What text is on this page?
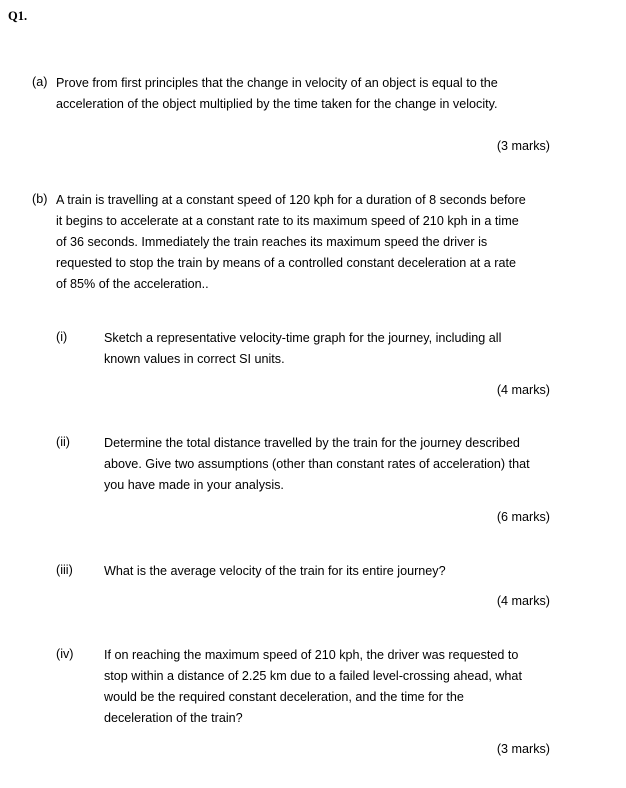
Q1.
(a) Prove from first principles that the change in velocity of an object is equal to the
acceleration of the object multiplied by the time taken for the change in velocity.
(3 marks)
(b) A train is travelling at a constant speed of 120 kph for a duration of 8 seconds before
it begins to accelerate at a constant rate to its maximum speed of 210 kph in a time
of 36 seconds. Immediately the train reaches its maximum speed the driver is
requested to stop the train by means of a controlled constant deceleration at a rate
of 85% of the acceleration..
(i)	Sketch a representative velocity-time graph for the journey, including all
known values in correct SI units.
(4 marks)
(ii)	Determine the total distance travelled by the train for the journey described
above. Give two assumptions (other than constant rates of acceleration) that
you have made in your analysis.
(6 marks)
(iii) What is the average velocity of the train for its entire journey?
(4 marks)
(iv) If on reaching the maximum speed of 210 kph, the driver was requested to
stop within a distance of 2.25 km due to a failed level-crossing ahead, what
would be the required constant deceleration, and the time for the
deceleration of the train?
(3 marks)
